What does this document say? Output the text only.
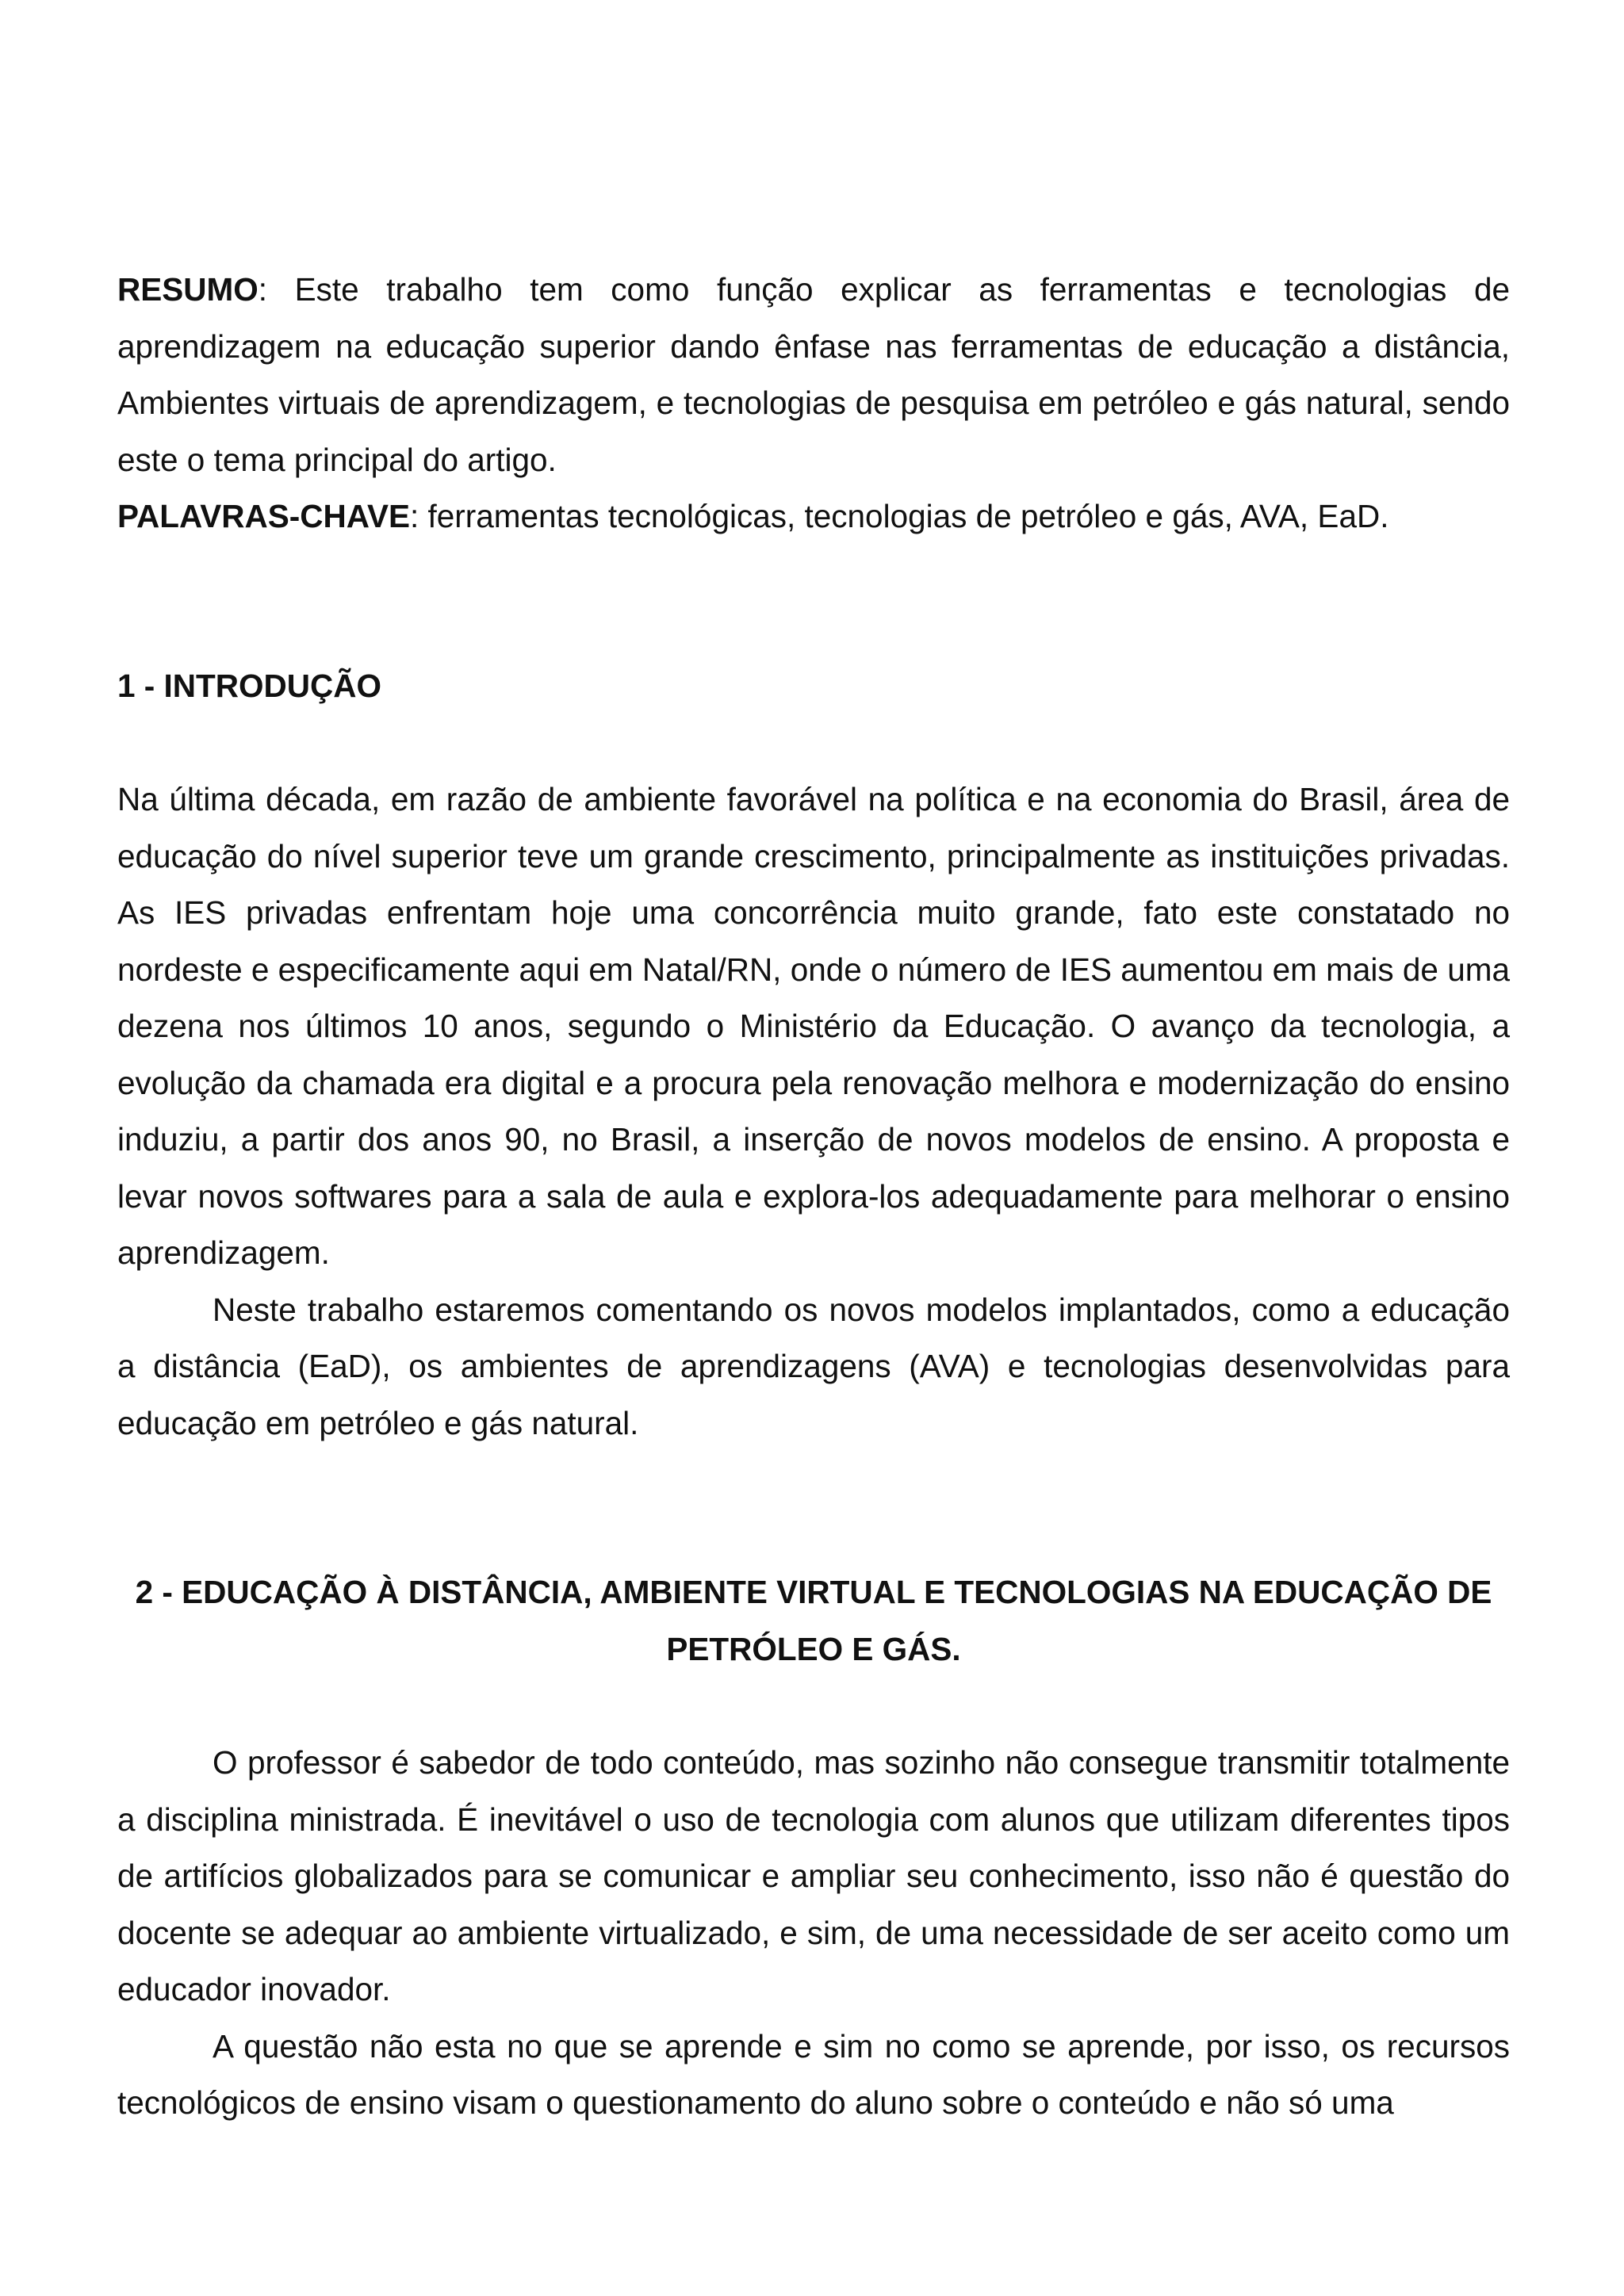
RESUMO: Este trabalho tem como função explicar as ferramentas e tecnologias de aprendizagem na educação superior dando ênfase nas ferramentas de educação a distância, Ambientes virtuais de aprendizagem, e tecnologias de pesquisa em petróleo e gás natural, sendo este o tema principal do artigo.

PALAVRAS-CHAVE: ferramentas tecnológicas, tecnologias de petróleo e gás, AVA, EaD.

1 - INTRODUÇÃO

Na última década, em razão de ambiente favorável na política e na economia do Brasil, área de educação do nível superior teve um grande crescimento, principalmente as instituições privadas. As IES privadas enfrentam hoje uma concorrência muito grande, fato este constatado no nordeste e especificamente aqui em Natal/RN, onde o número de IES aumentou em mais de uma dezena nos últimos 10 anos, segundo o Ministério da Educação. O avanço da tecnologia, a evolução da chamada era digital e a procura pela renovação melhora e modernização do ensino induziu, a partir dos anos 90, no Brasil, a inserção de novos modelos de ensino. A proposta e levar novos softwares para a sala de aula e explora-los adequadamente para melhorar o ensino aprendizagem.

Neste trabalho estaremos comentando os novos modelos implantados, como a educação a distância (EaD), os ambientes de aprendizagens (AVA) e tecnologias desenvolvidas para educação em petróleo e gás natural.

2 - EDUCAÇÃO À DISTÂNCIA, AMBIENTE VIRTUAL E TECNOLOGIAS NA EDUCAÇÃO DE PETRÓLEO E GÁS.

O professor é sabedor de todo conteúdo, mas sozinho não consegue transmitir totalmente a disciplina ministrada. É inevitável o uso de tecnologia com alunos que utilizam diferentes tipos de artifícios globalizados para se comunicar e ampliar seu conhecimento, isso não é questão do docente se adequar ao ambiente virtualizado, e sim, de uma necessidade de ser aceito como um educador inovador.

A questão não esta no que se aprende e sim no como se aprende, por isso, os recursos tecnológicos de ensino visam o questionamento do aluno sobre o conteúdo e não só uma
